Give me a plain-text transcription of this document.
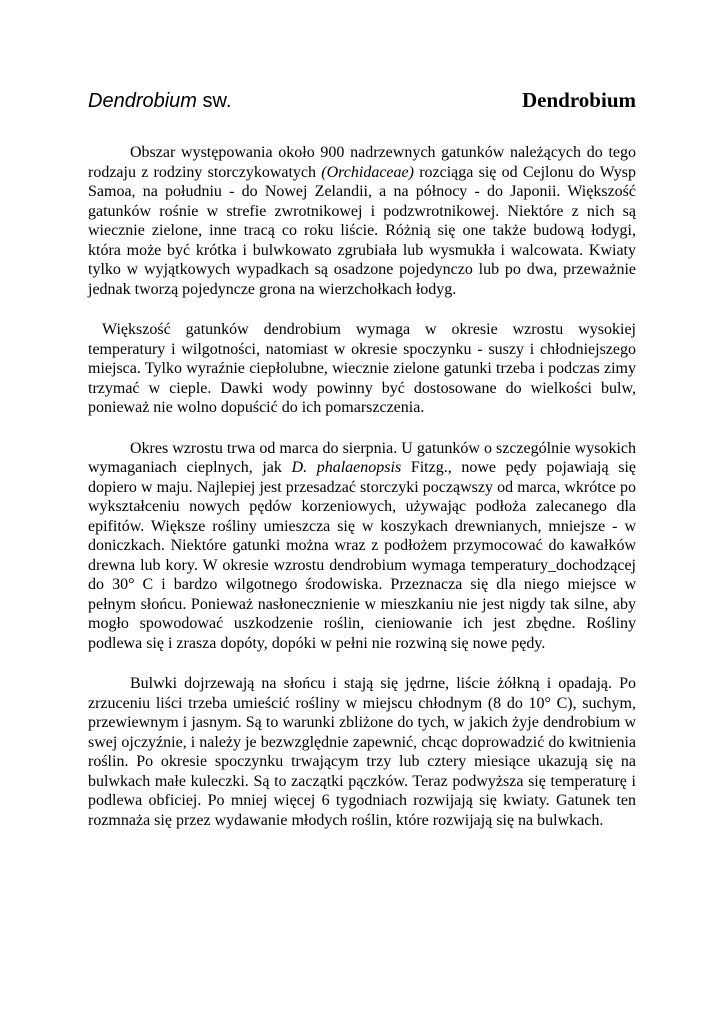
Dendrobium sw.	Dendrobium

Obszar występowania około 900 nadrzewnych gatunków należących do tego rodzaju z rodziny storczykowatych (Orchidaceae) rozciąga się od Cejlonu do Wysp Samoa, na południu - do Nowej Zelandii, a na północy - do Japonii. Większość gatunków rośnie w strefie zwrotnikowej i podzwrotnikowej. Niektóre z nich są wiecznie zielone, inne tracą co roku liście. Różnią się one także budową łodygi, która może być krótka i bulwkowato zgrubiała lub wysmukła i walcowata. Kwiaty tylko w wyjątkowych wypadkach są osadzone pojedynczo lub po dwa, przeważnie jednak tworzą pojedyncze grona na wierzchołkach łodyg.

Większość gatunków dendrobium wymaga w okresie wzrostu wysokiej temperatury i wilgotności, natomiast w okresie spoczynku - suszy i chłodniejszego miejsca. Tylko wyraźnie ciepłolubne, wiecznie zielone gatunki trzeba i podczas zimy trzymać w cieple. Dawki wody powinny być dostosowane do wielkości bulw, ponieważ nie wolno dopuścić do ich pomarszczenia.

Okres wzrostu trwa od marca do sierpnia. U gatunków o szczególnie wysokich wymaganiach cieplnych, jak D. phalaenopsis Fitzg., nowe pędy pojawiają się dopiero w maju. Najlepiej jest przesadzać storczyki począwszy od marca, wkrótce po wykształceniu nowych pędów korzeniowych, używając podłoża zalecanego dla epifitów. Większe rośliny umieszcza się w koszykach drewnianych, mniejsze - w doniczkach. Niektóre gatunki można wraz z podłożem przymocować do kawałków drewna lub kory. W okresie wzrostu dendrobium wymaga temperatury_dochodzącej do 30° C i bardzo wilgotnego środowiska. Przeznacza się dla niego miejsce w pełnym słońcu. Ponieważ nasłonecznienie w mieszkaniu nie jest nigdy tak silne, aby mogło spowodować uszkodzenie roślin, cieniowanie ich jest zbędne. Rośliny podlewa się i zrasza dopóty, dopóki w pełni nie rozwiną się nowe pędy.

Bulwki dojrzewają na słońcu i stają się jędrne, liście żółkną i opadają. Po zrzuceniu liści trzeba umieścić rośliny w miejscu chłodnym (8 do 10° C), suchym, przewiewnym i jasnym. Są to warunki zbliżone do tych, w jakich żyje dendrobium w swej ojczyźnie, i należy je bezwzględnie zapewnić, chcąc doprowadzić do kwitnienia roślin. Po okresie spoczynku trwającym trzy lub cztery miesiące ukazują się na bulwkach małe kuleczki. Są to zaczątki pączków. Teraz podwyższa się temperaturę i podlewa obficiej. Po mniej więcej 6 tygodniach rozwijają się kwiaty. Gatunek ten rozmnaża się przez wydawanie młodych roślin, które rozwijają się na bulwkach.
